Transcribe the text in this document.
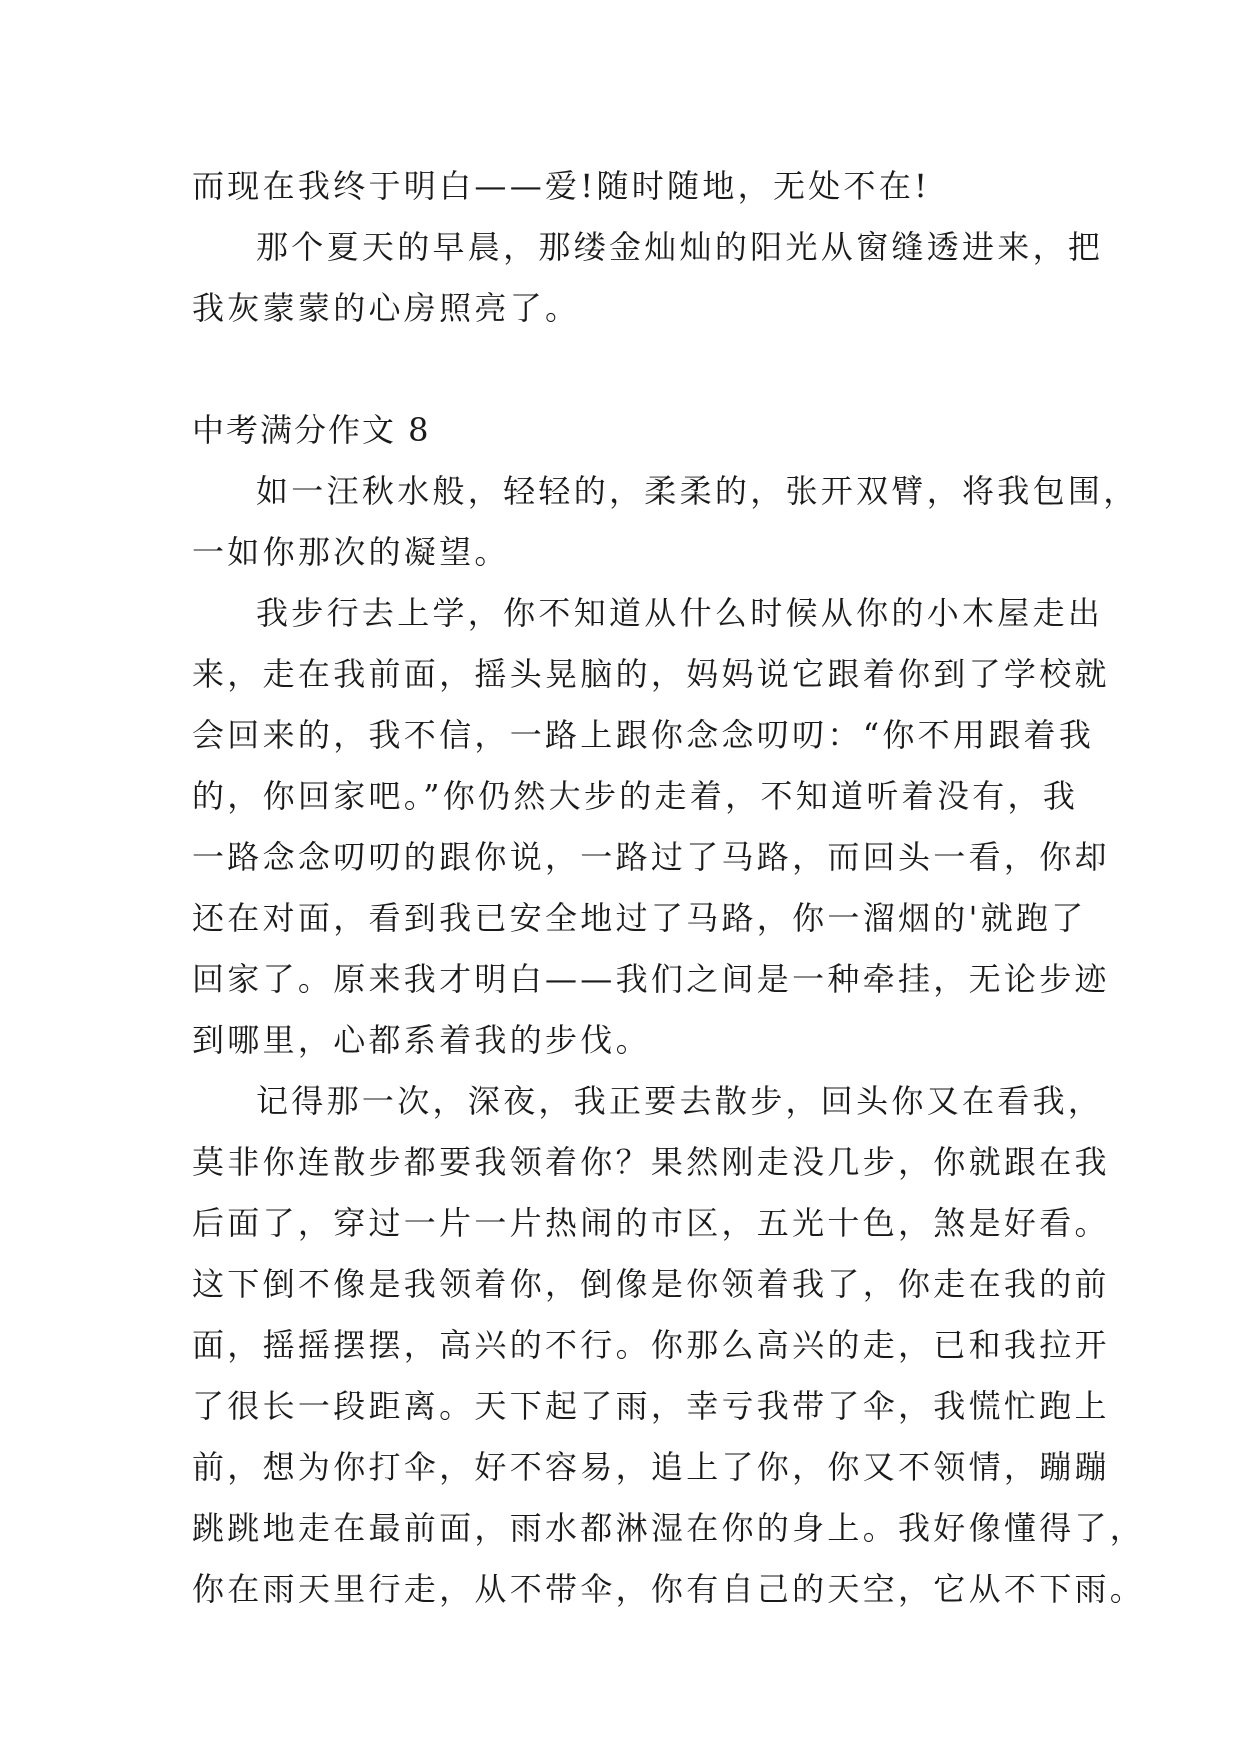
而现在我终于明白——爱!随时随地，无处不在!
那个夏天的早晨，那缕金灿灿的阳光从窗缝透进来，把
我灰蒙蒙的心房照亮了。
中考满分作文 8
如一汪秋水般，轻轻的，柔柔的，张开双臂，将我包围，
一如你那次的凝望。
我步行去上学，你不知道从什么时候从你的小木屋走出
来，走在我前面，摇头晃脑的，妈妈说它跟着你到了学校就
会回来的，我不信，一路上跟你念念叨叨：“你不用跟着我
的，你回家吧。”你仍然大步的走着，不知道听着没有，我
一路念念叨叨的跟你说，一路过了马路，而回头一看，你却
还在对面，看到我已安全地过了马路，你一溜烟的'就跑了
回家了。原来我才明白——我们之间是一种牵挂，无论步迹
到哪里，心都系着我的步伐。
记得那一次，深夜，我正要去散步，回头你又在看我，
莫非你连散步都要我领着你？果然刚走没几步，你就跟在我
后面了，穿过一片一片热闹的市区，五光十色，煞是好看。
这下倒不像是我领着你，倒像是你领着我了，你走在我的前
面，摇摇摆摆，高兴的不行。你那么高兴的走，已和我拉开
了很长一段距离。天下起了雨，幸亏我带了伞，我慌忙跑上
前，想为你打伞，好不容易，追上了你，你又不领情，蹦蹦
跳跳地走在最前面，雨水都淋湿在你的身上。我好像懂得了，
你在雨天里行走，从不带伞，你有自己的天空，它从不下雨。
